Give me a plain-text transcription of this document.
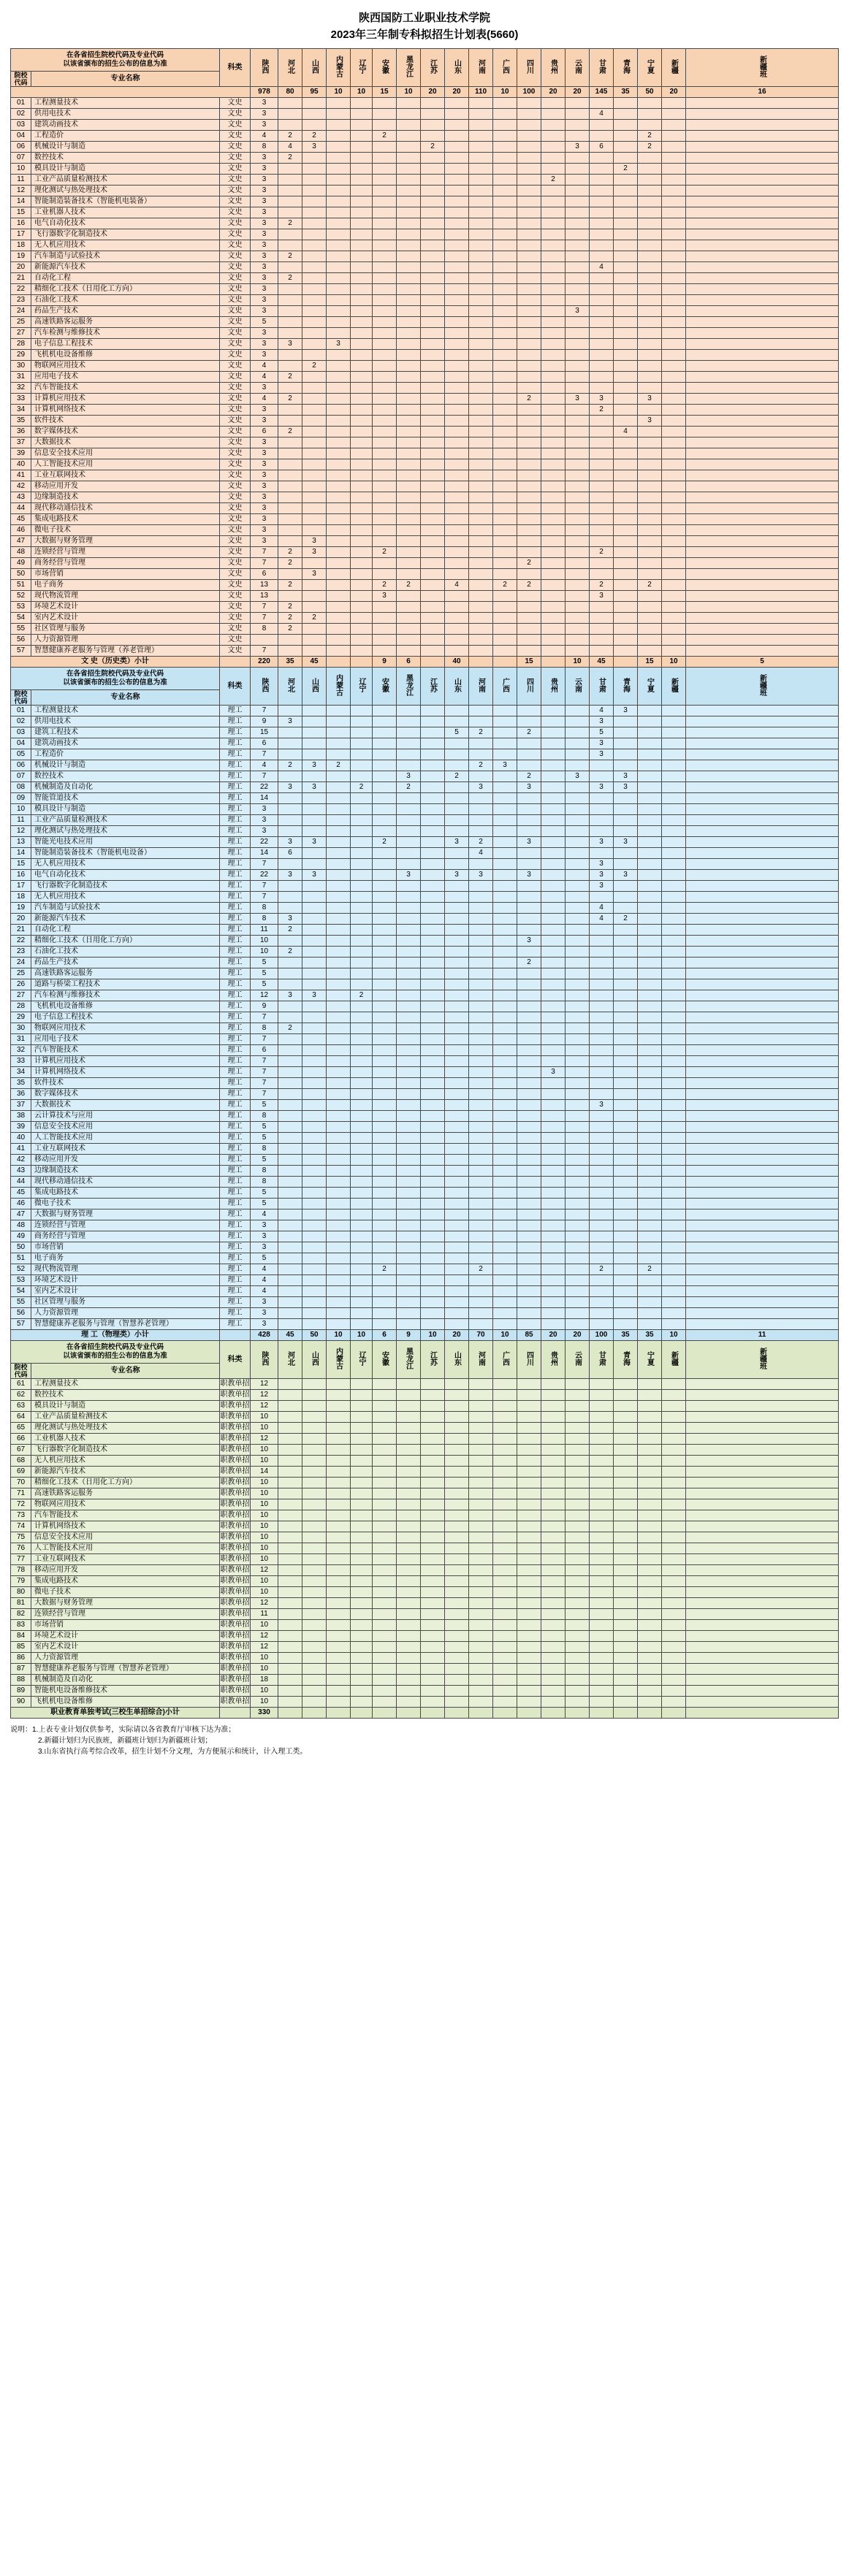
陕西国防工业职业技术学院
2023年三年制专科拟招生计划表(5660)
在各省招生院校代码及专业代码
以该省颁布的招生公布的信息为准		科类	陕西	河北	山西	内蒙古	辽宁	安徽	黑龙江	江苏	山东	河南	广西	四川	贵州	云南	甘肃	青海	宁夏	新疆	新疆班

院校
代码	专业名称																				
			978	80	95	10	10	15	10	20	20	110	10	100	20	20	145	35	50	20	16
01	工程测量技术	文史	3																		
02	供用电技术	文史	3														4				
03	建筑动画技术	文史	3																		
04	工程造价	文史	4	2	2			2											2		
06	机械设计与制造	文史	8	4	3					2						3	6		2		
07	数控技术	文史	3	2																	
10	模具设计与制造	文史	3															2			
11	工业产品质量检测技术	文史	3												2						
12	理化测试与热处理技术	文史	3																		
14	智能制造装备技术（智能机电装备）	文史	3																		
15	工业机器人技术	文史	3																		
16	电气自动化技术	文史	3	2																	
17	飞行器数字化制造技术	文史	3																		
18	无人机应用技术	文史	3																		
19	汽车制造与试验技术	文史	3	2																	
20	新能源汽车技术	文史	3														4				
21	自动化工程	文史	3	2																	
22	精细化工技术（日用化工方向）	文史	3																		
23	石油化工技术	文史	3																		
24	药品生产技术	文史	3													3					
25	高速铁路客运服务	文史	5																		
27	汽车检测与维修技术	文史	3																		
28	电子信息工程技术	文史	3	3		3															
29	飞机机电设备维修	文史	3																		
30	物联网应用技术	文史	4		2																
31	应用电子技术	文史	4	2																	
32	汽车智能技术	文史	3																		
33	计算机应用技术	文史	4	2										2		3	3		3		
34	计算机网络技术	文史	3														2				
35	软件技术	文史	3																3		
36	数字媒体技术	文史	6	2														4			
37	大数据技术	文史	3																		
39	信息安全技术应用	文史	3																		
40	人工智能技术应用	文史	3																		
41	工业互联网技术	文史	3																		
42	移动应用开发	文史	3																		
43	边缘制造技术	文史	3																		
44	现代移动通信技术	文史	3																		
45	集成电路技术	文史	3																		
46	微电子技术	文史	3																		
47	大数据与财务管理	文史	3		3																
48	连锁经营与管理	文史	7	2	3			2									2				
49	商务经营与管理	文史	7	2										2							
50	市场营销	文史	6		3																
51	电子商务	文史	13	2				2	2		4		2	2			2		2		
52	现代物流管理	文史	13					3									3				
53	环境艺术设计	文史	7	2																	
54	室内艺术设计	文史	7	2	2																
55	社区管理与服务	文史	8	2																	
56	人力资源管理	文史																			
57	智慧健康养老服务与管理（养老管理）	文史	7																		
文 史（历史类）小计			220	35	45			9	6		40			15		10	45		15	10	5

在各省招生院校代码及专业代码
以该省颁布的招生公布的信息为准		科类	陕西	河北	山西	内蒙古	辽宁	安徽	黑龙江	江苏	山东	河南	广西	四川	贵州	云南	甘肃	青海	宁夏	新疆	新疆班

院校
代码	专业名称																				
01	工程测量技术	理工	7														4	3			
02	供用电技术	理工	9	3													3				
03	建筑工程技术	理工	15								5	2		2			5				
04	建筑动画技术	理工	6														3				
05	工程造价	理工	7														3				
06	机械设计与制造	理工	4	2	3	2						2	3								
07	数控技术	理工	7						3		2			2		3		3			
08	机械制造及自动化	理工	22	3	3		2		2			3		3			3	3			
09	智能管道技术	理工	14																		
10	模具设计与制造	理工	3																		
11	工业产品质量检测技术	理工	3																		
12	理化测试与热处理技术	理工	3																		
13	智能光电技术应用	理工	22	3	3			2			3	2		3			3	3			
14	智能制造装备技术（智能机电设备）	理工	14	6								4									
15	无人机应用技术	理工	7														3				
16	电气自动化技术	理工	22	3	3				3		3	3		3			3	3			
17	飞行器数字化制造技术	理工	7														3				
18	无人机应用技术	理工	7																		
19	汽车制造与试验技术	理工	8														4				
20	新能源汽车技术	理工	8	3													4	2			
21	自动化工程	理工	11	2																	
22	精细化工技术（日用化工方向）	理工	10											3							
23	石油化工技术	理工	10	2																	
24	药品生产技术	理工	5											2							
25	高速铁路客运服务	理工	5																		
26	道路与桥梁工程技术	理工	5																		
27	汽车检测与维修技术	理工	12	3	3		2														
28	飞机机电设备维修	理工	9																		
29	电子信息工程技术	理工	7																		
30	物联网应用技术	理工	8	2																	
31	应用电子技术	理工	7																		
32	汽车智能技术	理工	6																		
33	计算机应用技术	理工	7																		
34	计算机网络技术	理工	7												3						
35	软件技术	理工	7																		
36	数字媒体技术	理工	7																		
37	大数据技术	理工	5														3				
38	云计算技术与应用	理工	8																		
39	信息安全技术应用	理工	5																		
40	人工智能技术应用	理工	5																		
41	工业互联网技术	理工	8																		
42	移动应用开发	理工	5																		
43	边缘制造技术	理工	8																		
44	现代移动通信技术	理工	8																		
45	集成电路技术	理工	5																		
46	微电子技术	理工	5																		
47	大数据与财务管理	理工	4																		
48	连锁经营与管理	理工	3																		
49	商务经营与管理	理工	3																		
50	市场营销	理工	3																		
51	电子商务	理工	5																		
52	现代物流管理	理工	4					2				2					2		2		
53	环境艺术设计	理工	4																		
54	室内艺术设计	理工	4																		
55	社区管理与服务	理工	3																		
56	人力资源管理	理工	3																		
57	智慧健康养老服务与管理（智慧养老管理）	理工	3																		
理 工（物理类）小计			428	45	50	10	10	6	9	10	20	70	10	85	20	20	100	35	35	10	11

在各省招生院校代码及专业代码
以该省颁布的招生公布的信息为准		科类	陕西	河北	山西	内蒙古	辽宁	安徽	黑龙江	江苏	山东	河南	广西	四川	贵州	云南	甘肃	青海	宁夏	新疆	新疆班

院校
代码	专业名称																				
61	工程测量技术	职教单招	12																		
62	数控技术	职教单招	12																		
63	模具设计与制造	职教单招	12																		
64	工业产品质量检测技术	职教单招	10																		
65	理化测试与热处理技术	职教单招	10																		
66	工业机器人技术	职教单招	12																		
67	飞行器数字化制造技术	职教单招	10																		
68	无人机应用技术	职教单招	10																		
69	新能源汽车技术	职教单招	14																		
70	精细化工技术（日用化工方向）	职教单招	10																		
71	高速铁路客运服务	职教单招	10																		
72	物联网应用技术	职教单招	10																		
73	汽车智能技术	职教单招	10																		
74	计算机网络技术	职教单招	10																		
75	信息安全技术应用	职教单招	10																		
76	人工智能技术应用	职教单招	10																		
77	工业互联网技术	职教单招	10																		
78	移动应用开发	职教单招	12																		
79	集成电路技术	职教单招	10																		
80	微电子技术	职教单招	10																		
81	大数据与财务管理	职教单招	12																		
82	连锁经营与管理	职教单招	11																		
83	市场营销	职教单招	10																		
84	环境艺术设计	职教单招	12																		
85	室内艺术设计	职教单招	12																		
86	人力资源管理	职教单招	10																		
87	智慧健康养老服务与管理（智慧养老管理）	职教单招	10																		
88	机械制造及自动化	职教单招	18																		
89	智能机电设备维修技术	职教单招	10																		
90	飞机机电设备维修	职教单招	10																		
职业教育单独考试(三校生单招综合)小计			330																		
说明：1.上表专业计划仅供参考，实际请以各省教育厅审核下达为准；
2.新疆计划归为民族班，新疆班计划归为新疆班计划；
3.山东省执行高考综合改革，招生计划不分文理，为方便展示和统计，计入理工类。
